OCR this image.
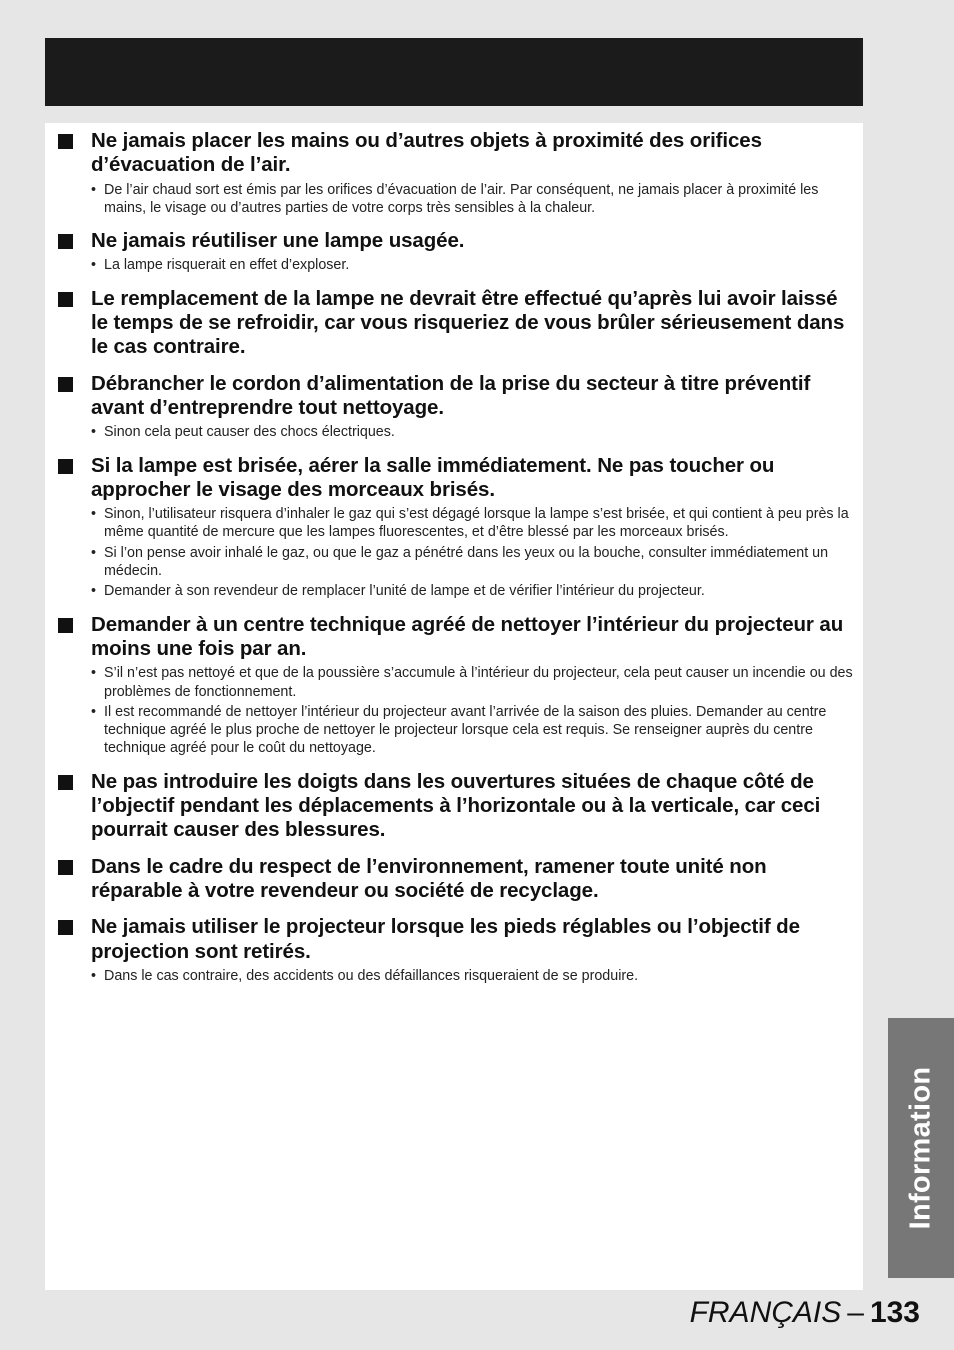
Ne jamais placer les mains ou d’autres objets à proximité des orifices d’évacuation de l’air.

• De l’air chaud sort est émis par les orifices d’évacuation de l’air. Par conséquent, ne jamais placer à proximité les mains, le visage ou d’autres parties de votre corps très sensibles à la chaleur.

Ne jamais réutiliser une lampe usagée.

• La lampe risquerait en effet d’exploser.

Le remplacement de la lampe ne devrait être effectué qu’après lui avoir laissé le temps de se refroidir, car vous risqueriez de vous brûler sérieusement dans le cas contraire.

Débrancher le cordon d’alimentation de la prise du secteur à titre préventif avant d’entreprendre tout nettoyage.

• Sinon cela peut causer des chocs électriques.

Si la lampe est brisée, aérer la salle immédiatement. Ne pas toucher ou approcher le visage des morceaux brisés.

• Sinon, l’utilisateur risquera d’inhaler le gaz qui s’est dégagé lorsque la lampe s’est brisée, et qui contient à peu près la même quantité de mercure que les lampes fluorescentes, et d’être blessé par les morceaux brisés.
• Si l’on pense avoir inhalé le gaz, ou que le gaz a pénétré dans les yeux ou la bouche, consulter immédiatement un médecin.
• Demander à son revendeur de remplacer l’unité de lampe et de vérifier l’intérieur du projecteur.

Demander à un centre technique agréé de nettoyer l’intérieur du projecteur au moins une fois par an.

• S’il n’est pas nettoyé et que de la poussière s’accumule à l’intérieur du projecteur, cela peut causer un incendie ou des problèmes de fonctionnement.
• Il est recommandé de nettoyer l’intérieur du projecteur avant l’arrivée de la saison des pluies. Demander au centre technique agréé le plus proche de nettoyer le projecteur lorsque cela est requis. Se renseigner auprès du centre technique agréé pour le coût du nettoyage.

Ne pas introduire les doigts dans les ouvertures situées de chaque côté de l’objectif pendant les déplacements à l’horizontale ou à la verticale, car ceci pourrait causer des blessures.

Dans le cadre du respect de l’environnement, ramener toute unité non réparable à votre revendeur ou société de recyclage.

Ne jamais utiliser le projecteur lorsque les pieds réglables ou l’objectif de projection sont retirés.

• Dans le cas contraire, des accidents ou des défaillances risqueraient de se produire.
Information
FRANÇAIS – 133
